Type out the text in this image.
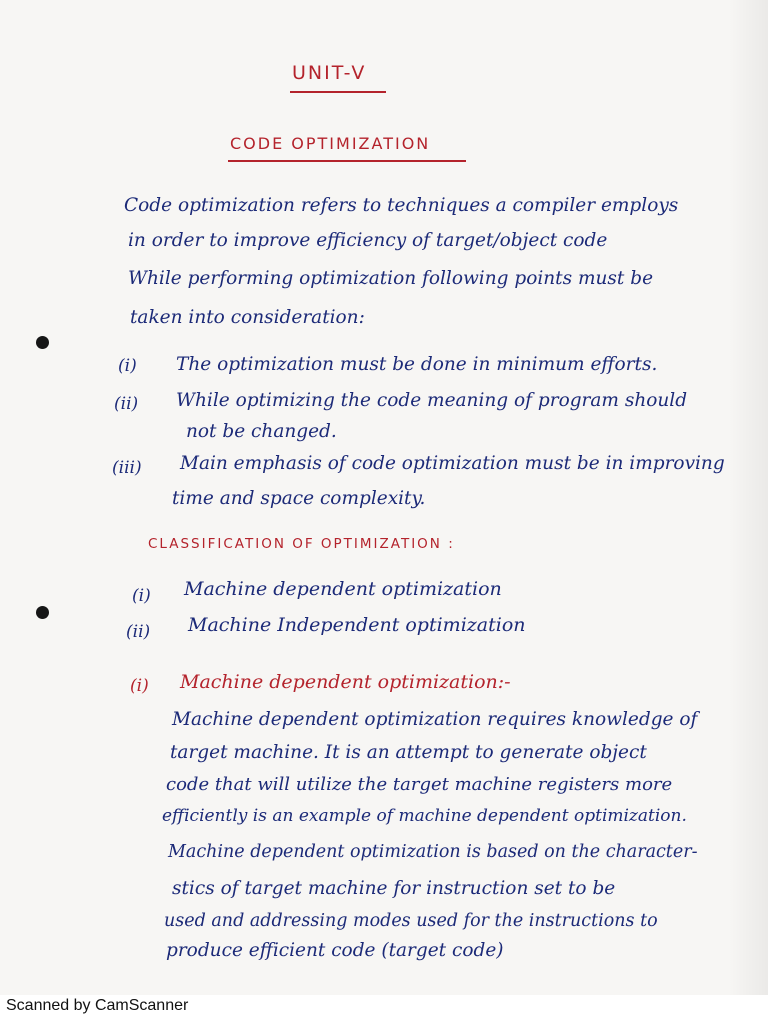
UNIT-V
CODE OPTIMIZATION
Code optimization refers to techniques a compiler employs
in order to improve efficiency of target/object code
While performing optimization following points must be
taken into consideration:
(i) The optimization must be done in minimum efforts.
(ii) While optimizing the code meaning of program should
not be changed.
(iii) Main emphasis of code optimization must be in improving
time and space complexity.
CLASSIFICATION OF OPTIMIZATION :
(i) Machine dependent optimization
(ii) Machine Independent optimization
(i) Machine dependent optimization:-
Machine dependent optimization requires knowledge of
target machine. It is an attempt to generate object
code that will utilize the target machine registers more
efficiently is an example of machine dependent optimization.
Machine dependent optimization is based on the character-
stics of target machine for instruction set to be
used and addressing modes used for the instructions to
produce efficient code (target code)
Scanned by CamScanner
